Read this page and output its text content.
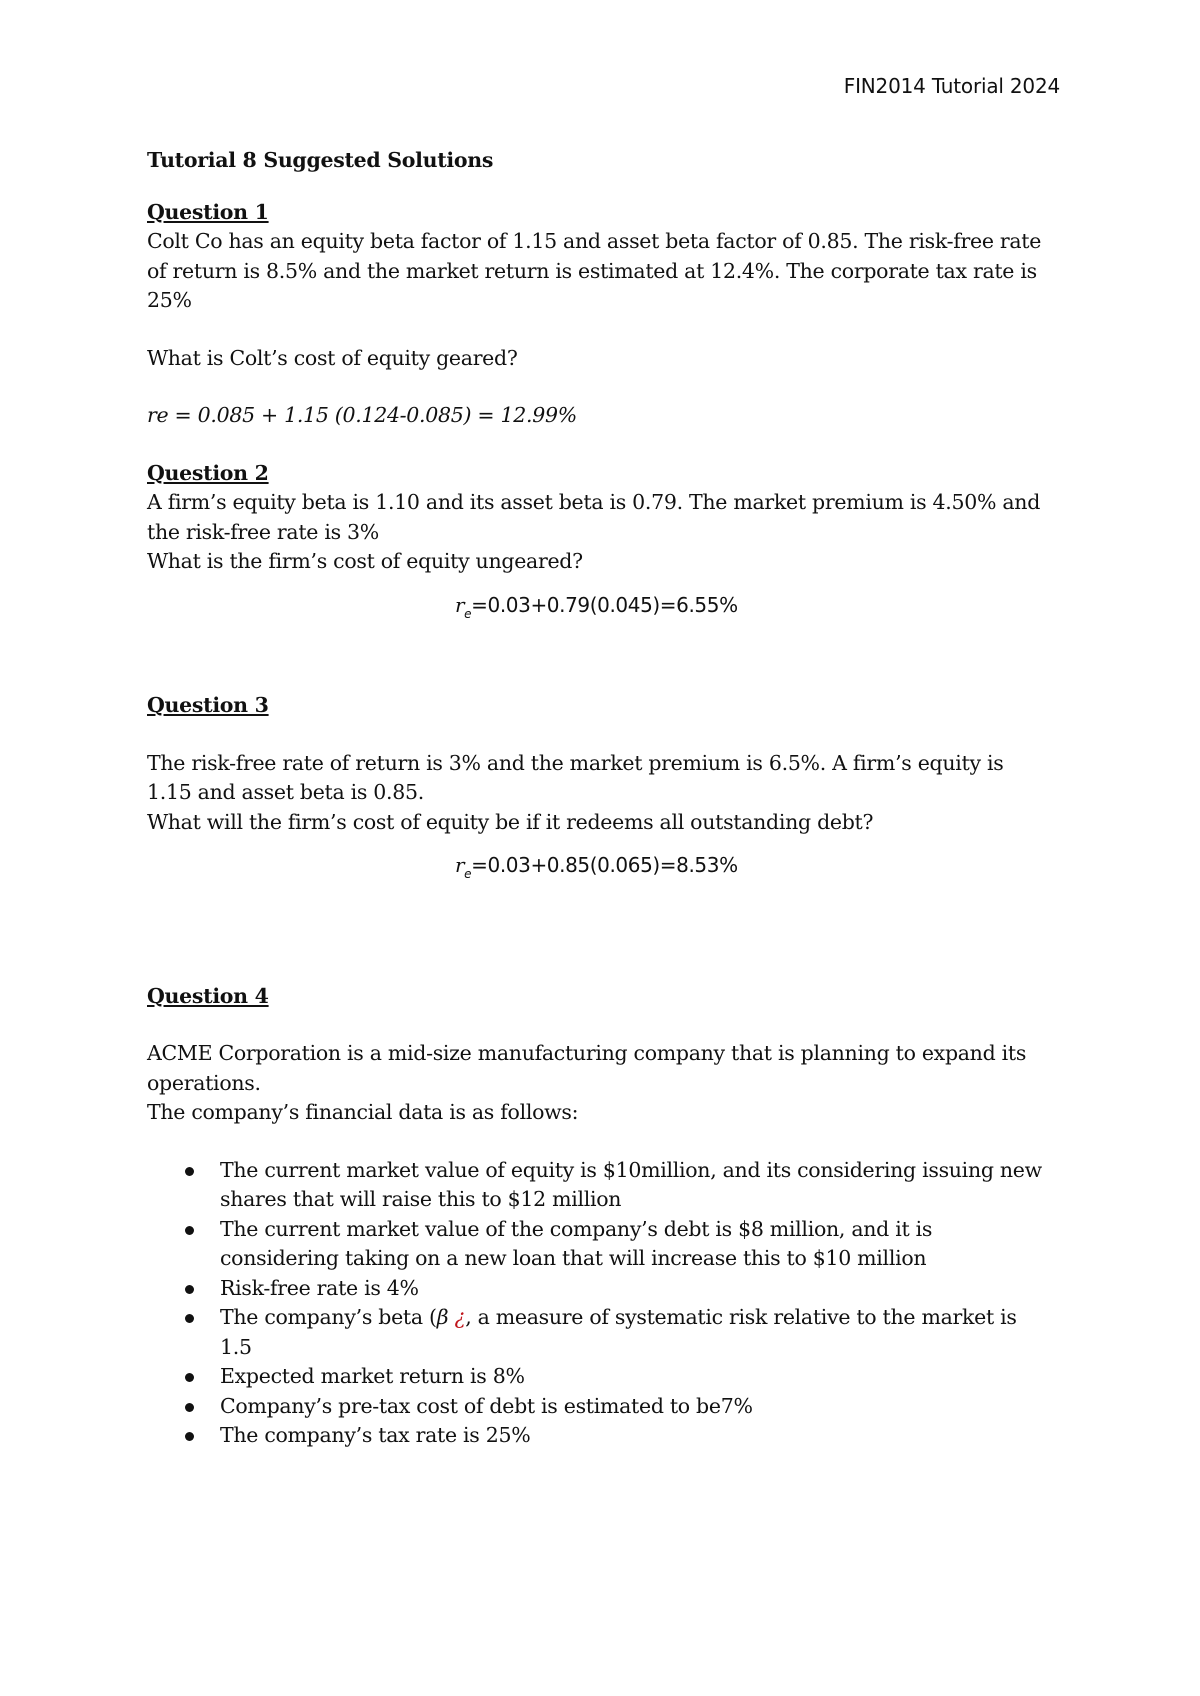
FIN2014 Tutorial 2024

Tutorial 8 Suggested Solutions

Question 1

Colt Co has an equity beta factor of 1.15 and asset beta factor of 0.85. The risk-free rate

of return is 8.5% and the market return is estimated at 12.4%. The corporate tax rate is

25%

What is Colt’s cost of equity geared?

re = 0.085 + 1.15 (0.124-0.085) = 12.99%

Question 2

A firm’s equity beta is 1.10 and its asset beta is 0.79. The market premium is 4.50% and

the risk-free rate is 3%

What is the firm’s cost of equity ungeared?

$r_e=0.03+0.79(0.045)=6.55\%$

Question 3

The risk-free rate of return is 3% and the market premium is 6.5%. A firm’s equity is

1.15 and asset beta is 0.85.

What will the firm’s cost of equity be if it redeems all outstanding debt?

$r_e=0.03+0.85(0.065)=8.53\%$

Question 4

ACME Corporation is a mid-size manufacturing company that is planning to expand its

operations.

The company’s financial data is as follows:

The current market value of equity is $10million, and its considering issuing new
shares that will raise this to $12 million
The current market value of the company’s debt is $8 million, and it is
considering taking on a new loan that will increase this to $10 million
Risk-free rate is 4%
The company’s beta (β ¿, a measure of systematic risk relative to the market is
1.5
Expected market return is 8%
Company’s pre-tax cost of debt is estimated to be7%
The company’s tax rate is 25%
